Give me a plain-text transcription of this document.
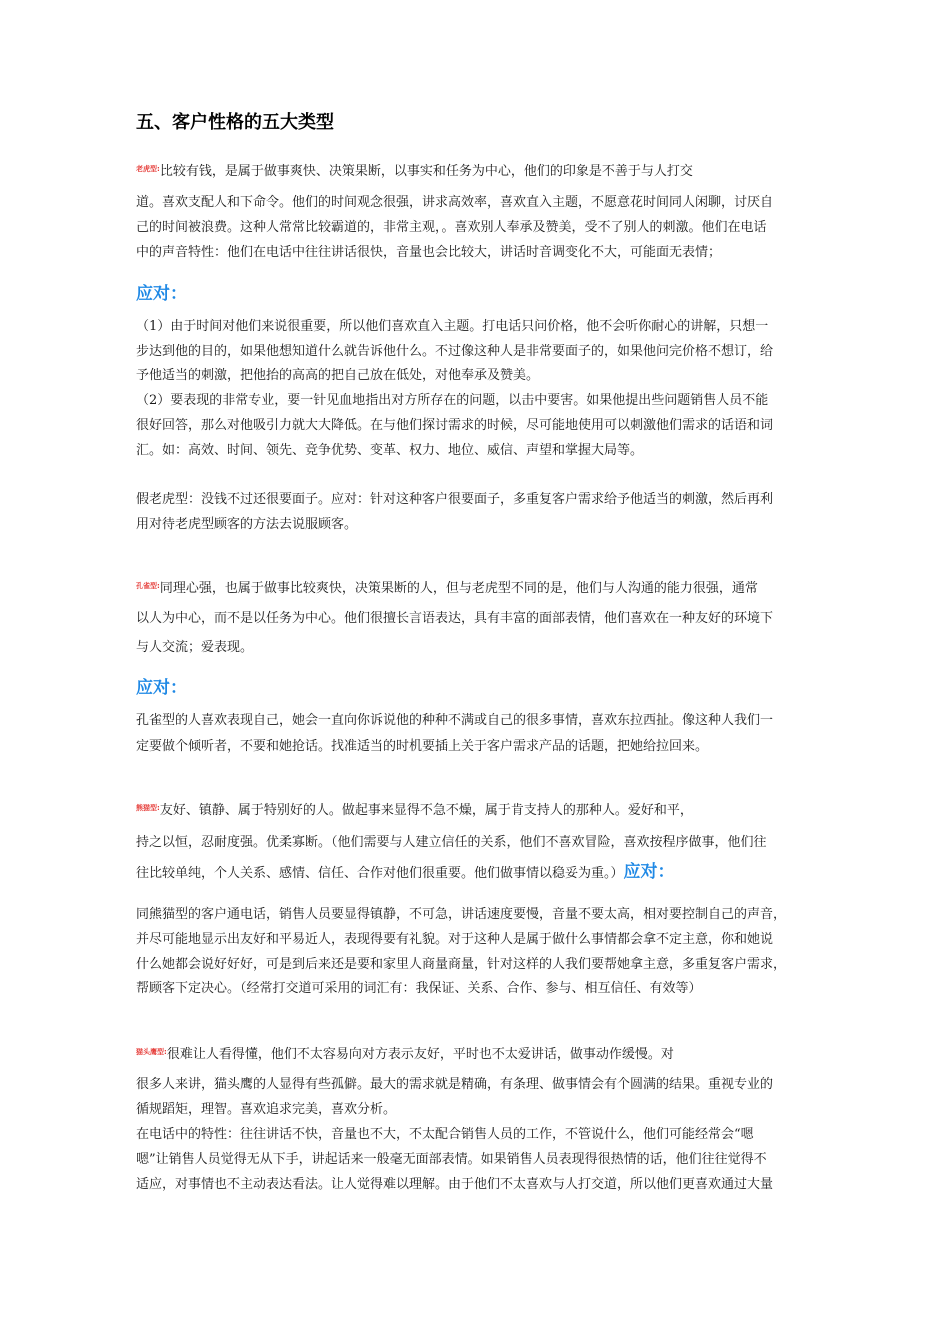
五、客户性格的五大类型
$^{老虎型:}$比较有钱，是属于做事爽快、决策果断，以事实和任务为中心，他们的印象是不善于与人打交
道。喜欢支配人和下命令。他们的时间观念很强，讲求高效率，喜欢直入主题，不愿意花时间同人闲聊，讨厌自
己的时间被浪费。这种人常常比较霸道的，非常主观，。喜欢别人奉承及赞美，受不了别人的刺激。他们在电话
中的声音特性：他们在电话中往往讲话很快，音量也会比较大，讲话时音调变化不大，可能面无表情；
应对：
（1）由于时间对他们来说很重要，所以他们喜欢直入主题。打电话只问价格，他不会听你耐心的讲解，只想一
步达到他的目的，如果他想知道什么就告诉他什么。不过像这种人是非常要面子的，如果他问完价格不想订，给
予他适当的刺激，把他抬的高高的把自己放在低处，对他奉承及赞美。
（2）要表现的非常专业，要一针见血地指出对方所存在的问题，以击中要害。如果他提出些问题销售人员不能
很好回答，那么对他吸引力就大大降低。在与他们探讨需求的时候，尽可能地使用可以刺激他们需求的话语和词
汇。如：高效、时间、领先、竞争优势、变革、权力、地位、威信、声望和掌握大局等。
假老虎型：没钱不过还很要面子。应对：针对这种客户很要面子，多重复客户需求给予他适当的刺激，然后再利
用对待老虎型顾客的方法去说服顾客。
$^{孔雀型:}$同理心强，也属于做事比较爽快，决策果断的人，但与老虎型不同的是，他们与人沟通的能力很强，通常
以人为中心，而不是以任务为中心。他们很擅长言语表达，具有丰富的面部表情，他们喜欢在一种友好的环境下
与人交流；爱表现。
应对：
孔雀型的人喜欢表现自己，她会一直向你诉说他的种种不满或自己的很多事情，喜欢东拉西扯。像这种人我们一
定要做个倾听者，不要和她抢话。找准适当的时机要插上关于客户需求产品的话题，把她给拉回来。
$^{熊猫型:}$友好、镇静、属于特别好的人。做起事来显得不急不燥，属于肯支持人的那种人。爱好和平，
持之以恒，忍耐度强。优柔寡断。（他们需要与人建立信任的关系，他们不喜欢冒险，喜欢按程序做事，他们往
往比较单纯，个人关系、感情、信任、合作对他们很重要。他们做事情以稳妥为重。）应对：
同熊猫型的客户通电话，销售人员要显得镇静，不可急，讲话速度要慢，音量不要太高，相对要控制自己的声音，
并尽可能地显示出友好和平易近人，表现得要有礼貌。对于这种人是属于做什么事情都会拿不定主意，你和她说
什么她都会说好好好，可是到后来还是要和家里人商量商量，针对这样的人我们要帮她拿主意，多重复客户需求，
帮顾客下定决心。（经常打交道可采用的词汇有：我保证、关系、合作、参与、相互信任、有效等）
$^{猫头鹰型:}$很难让人看得懂，他们不太容易向对方表示友好，平时也不太爱讲话，做事动作缓慢。对
很多人来讲，猫头鹰的人显得有些孤僻。最大的需求就是精确，有条理、做事情会有个圆满的结果。重视专业的
循规蹈矩，理智。喜欢追求完美，喜欢分析。
在电话中的特性：往往讲话不快，音量也不大，不太配合销售人员的工作，不管说什么，他们可能经常会“嗯
嗯”让销售人员觉得无从下手，讲起话来一般毫无面部表情。如果销售人员表现得很热情的话，他们往往觉得不
适应，对事情也不主动表达看法。让人觉得难以理解。由于他们不太喜欢与人打交道，所以他们更喜欢通过大量
